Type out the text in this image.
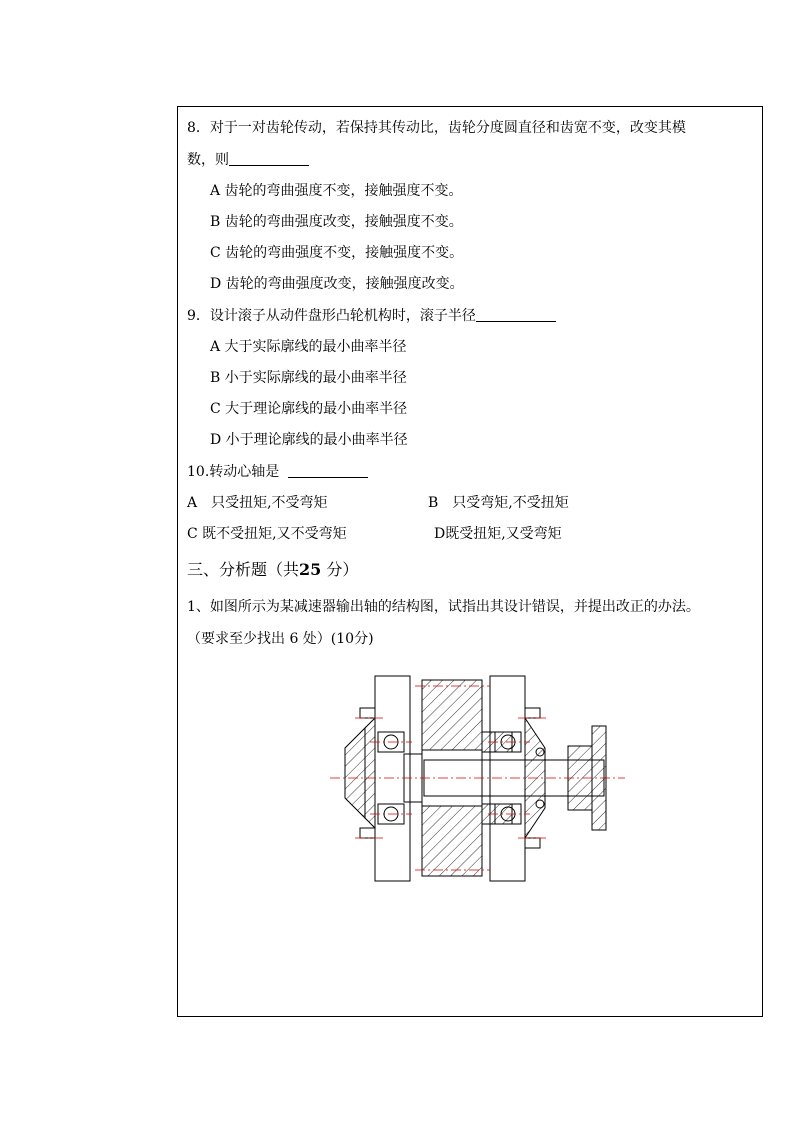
8．对于一对齿轮传动，若保持其传动比，齿轮分度圆直径和齿宽不变，改变其模
数，则
A 齿轮的弯曲强度不变，接触强度不变。
B 齿轮的弯曲强度改变，接触强度不变。
C 齿轮的弯曲强度不变，接触强度不变。
D 齿轮的弯曲强度改变，接触强度改变。
9．设计滚子从动件盘形凸轮机构时，滚子半径
A 大于实际廓线的最小曲率半径
B 小于实际廓线的最小曲率半径
C 大于理论廓线的最小曲率半径
D 小于理论廓线的最小曲率半径
10.转动心轴是
A　只受扭矩,不受弯矩	B　只受弯矩,不受扭矩
C 既不受扭矩,又不受弯矩	D既受扭矩,又受弯矩
三、分析题（共25 分）
1、如图所示为某减速器输出轴的结构图，试指出其设计错误，并提出改正的办法。
（要求至少找出 6 处）(10分)
